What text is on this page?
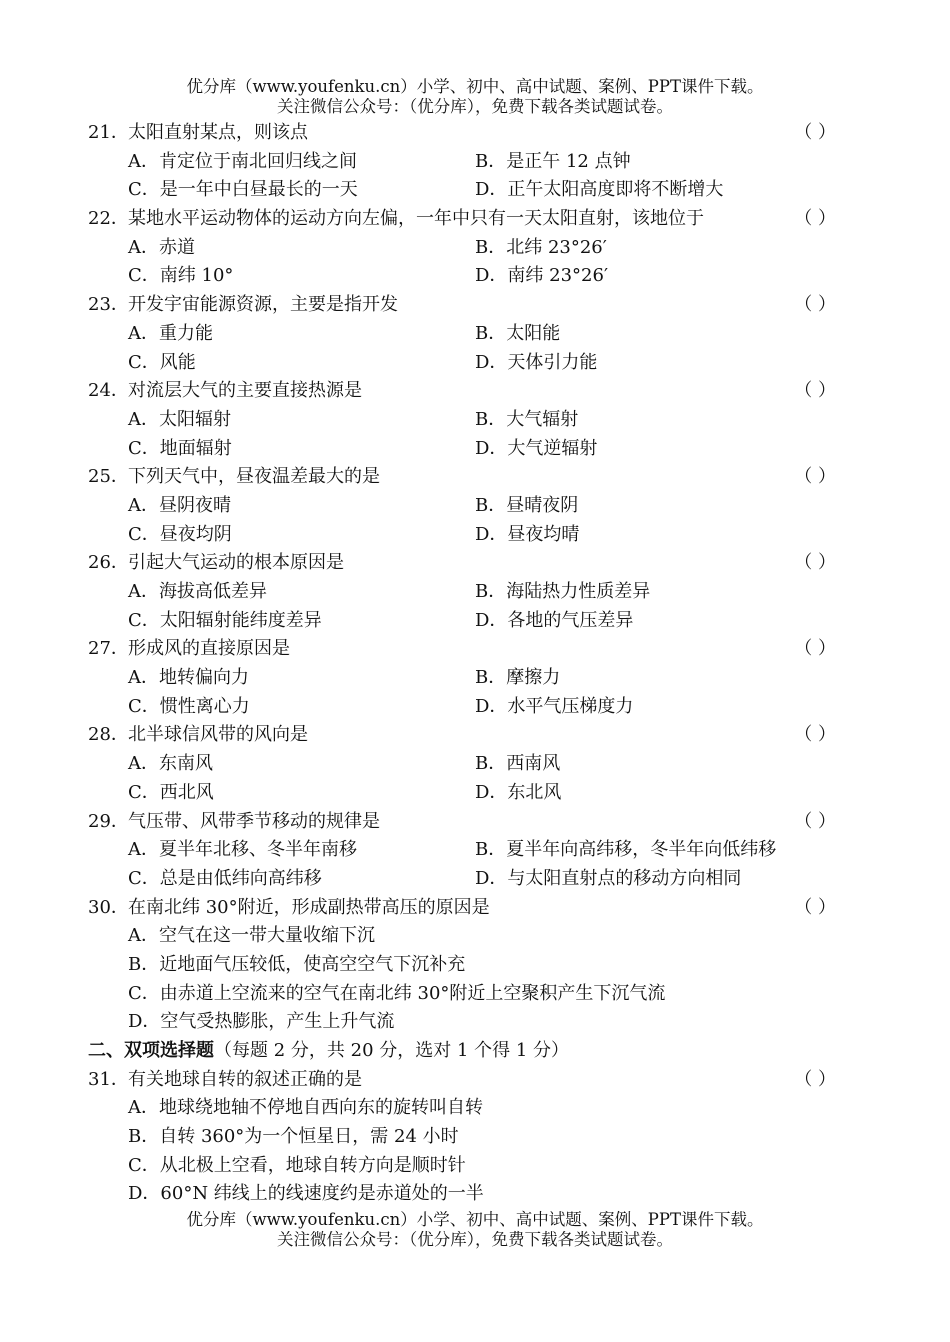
优分库（www.youfenku.cn）小学、初中、高中试题、案例、PPT课件下载。
关注微信公众号：（优分库），免费下载各类试题试卷。
21．太阳直射某点，则该点	（ ）
A．肯定位于南北回归线之间	B．是正午 12 点钟
C．是一年中白昼最长的一天	D．正午太阳高度即将不断增大
22．某地水平运动物体的运动方向左偏，一年中只有一天太阳直射，该地位于	（ ）
A．赤道	B．北纬 23°26′
C．南纬 10°	D．南纬 23°26′
23．开发宇宙能源资源，主要是指开发	（ ）
A．重力能	B．太阳能
C．风能	D．天体引力能
24．对流层大气的主要直接热源是	（ ）
A．太阳辐射	B．大气辐射
C．地面辐射	D．大气逆辐射
25．下列天气中，昼夜温差最大的是	（ ）
A．昼阴夜晴	B．昼晴夜阴
C．昼夜均阴	D．昼夜均晴
26．引起大气运动的根本原因是	（ ）
A．海拔高低差异	B．海陆热力性质差异
C．太阳辐射能纬度差异	D．各地的气压差异
27．形成风的直接原因是	（ ）
A．地转偏向力	B．摩擦力
C．惯性离心力	D．水平气压梯度力
28．北半球信风带的风向是	（ ）
A．东南风	B．西南风
C．西北风	D．东北风
29．气压带、风带季节移动的规律是	（ ）
A．夏半年北移、冬半年南移	B．夏半年向高纬移，冬半年向低纬移
C．总是由低纬向高纬移	D．与太阳直射点的移动方向相同
30．在南北纬 30°附近，形成副热带高压的原因是	（ ）
A．空气在这一带大量收缩下沉
B．近地面气压较低，使高空空气下沉补充
C．由赤道上空流来的空气在南北纬 30°附近上空聚积产生下沉气流
D．空气受热膨胀，产生上升气流
二、双项选择题（每题 2 分，共 20 分，选对 1 个得 1 分）
31．有关地球自转的叙述正确的是	（ ）
A．地球绕地轴不停地自西向东的旋转叫自转
B．自转 360°为一个恒星日，需 24 小时
C．从北极上空看，地球自转方向是顺时针
D．60°N 纬线上的线速度约是赤道处的一半
优分库（www.youfenku.cn）小学、初中、高中试题、案例、PPT课件下载。
关注微信公众号：（优分库），免费下载各类试题试卷。
